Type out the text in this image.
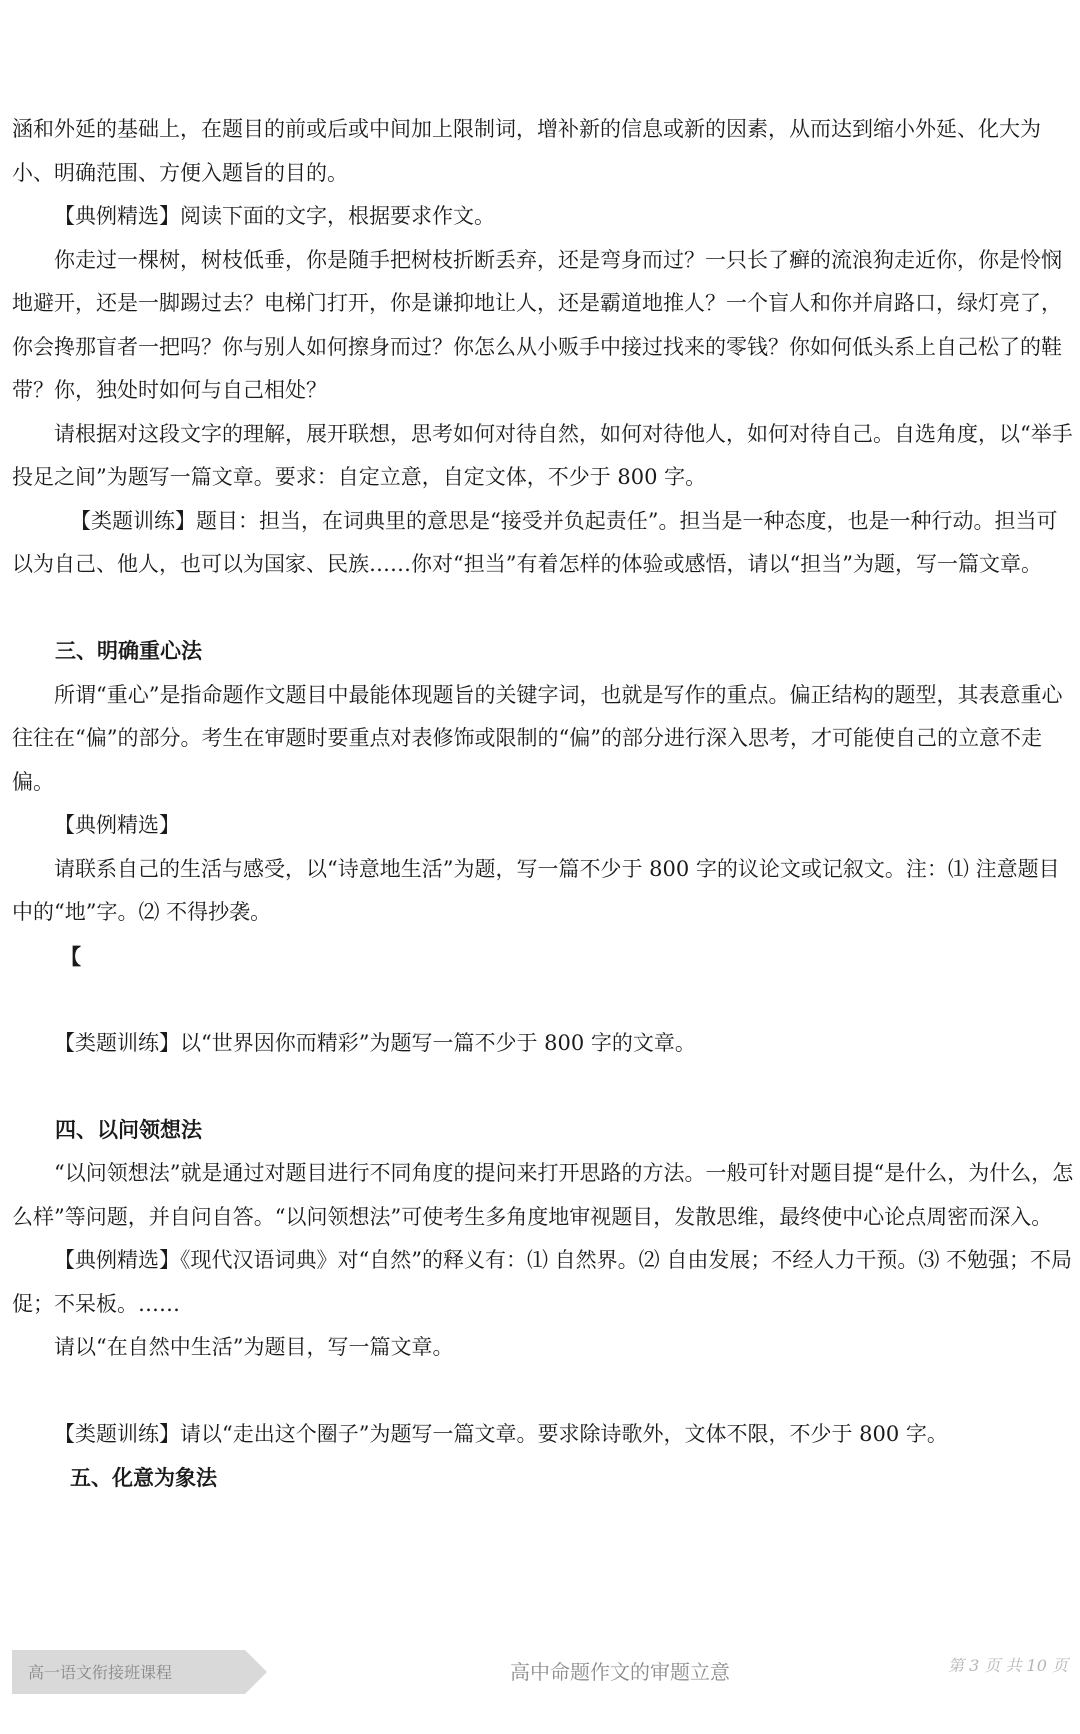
涵和外延的基础上，在题目的前或后或中间加上限制词，增补新的信息或新的因素，从而达到缩小外延、化大为小、明确范围、方便入题旨的目的。

【典例精选】阅读下面的文字，根据要求作文。

你走过一棵树，树枝低垂，你是随手把树枝折断丢弃，还是弯身而过？一只长了癣的流浪狗走近你，你是怜悯地避开，还是一脚踢过去？电梯门打开，你是谦抑地让人，还是霸道地推人？一个盲人和你并肩路口，绿灯亮了，你会搀那盲者一把吗？你与别人如何擦身而过？你怎么从小贩手中接过找来的零钱？你如何低头系上自己松了的鞋带？你，独处时如何与自己相处？

请根据对这段文字的理解，展开联想，思考如何对待自然，如何对待他人，如何对待自己。自选角度，以“举手投足之间”为题写一篇文章。要求：自定立意，自定文体，不少于 800 字。

【类题训练】题目：担当，在词典里的意思是“接受并负起责任”。担当是一种态度，也是一种行动。担当可以为自己、他人，也可以为国家、民族……你对“担当”有着怎样的体验或感悟，请以“担当”为题，写一篇文章。

三、明确重心法

所谓“重心”是指命题作文题目中最能体现题旨的关键字词，也就是写作的重点。偏正结构的题型，其表意重心往往在“偏”的部分。考生在审题时要重点对表修饰或限制的“偏”的部分进行深入思考，才可能使自己的立意不走偏。

【典例精选】

请联系自己的生活与感受，以“诗意地生活”为题，写一篇不少于 800 字的议论文或记叙文。注：⑴ 注意题目中的“地”字。⑵ 不得抄袭。

【

【类题训练】以“世界因你而精彩”为题写一篇不少于 800 字的文章。

四、以问领想法

“以问领想法”就是通过对题目进行不同角度的提问来打开思路的方法。一般可针对题目提“是什么，为什么，怎么样”等问题，并自问自答。“以问领想法”可使考生多角度地审视题目，发散思维，最终使中心论点周密而深入。

【典例精选】《现代汉语词典》对“自然”的释义有：⑴ 自然界。⑵ 自由发展；不经人力干预。⑶ 不勉强；不局促；不呆板。……

请以“在自然中生活”为题目，写一篇文章。

【类题训练】请以“走出这个圈子”为题写一篇文章。要求除诗歌外，文体不限，不少于 800 字。

五、化意为象法

高一语文衔接班课程	高中命题作文的审题立意	第 3 页 共 10 页
